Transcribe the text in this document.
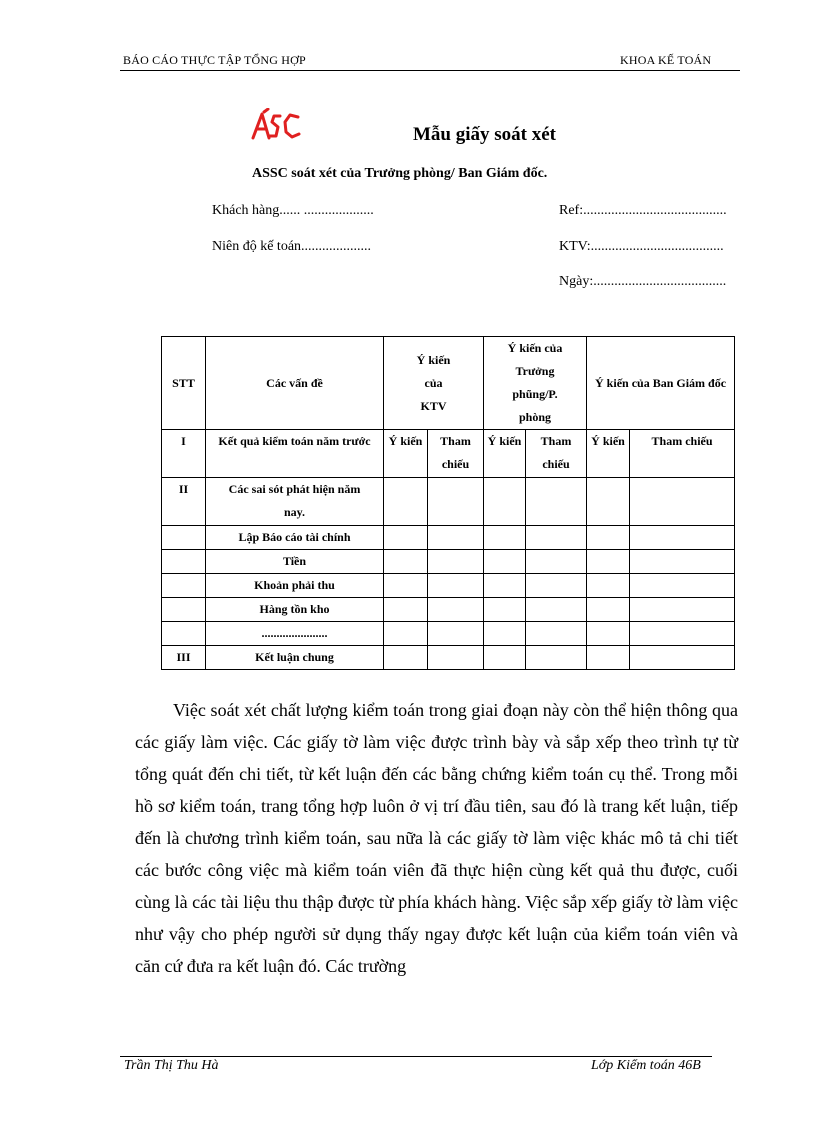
BÁO CÁO THỰC TẬP TỔNG HỢP	KHOA KẾ TOÁN
Mẫu giấy soát xét
ASSC soát xét của Trưởng phòng/ Ban Giám đốc.
Khách hàng...... ....................	Ref:.........................................
Niên độ kế toán....................	KTV:......................................
Ngày:......................................
STT	Các vấn đề	Ý kiến của KTV		Ý kiến của Trưởng phũng/P. phòng		Ý kiến của Ban Giám đốc	
I	Kết quả kiểm toán năm trước	Ý kiến	Tham chiếu	Ý kiến	Tham chiếu	Ý kiến	Tham chiếu
II	Các sai sót phát hiện năm nay.						
	Lập Báo cáo tài chính						
	Tiền						
	Khoản phải thu						
	Hàng tồn kho						
	......................						
III	Kết luận chung						

Việc soát xét chất lượng kiểm toán trong giai đoạn này còn thể hiện thông qua các giấy làm việc. Các giấy tờ làm việc được trình bày và sắp xếp theo trình tự từ tổng quát đến chi tiết, từ kết luận đến các bằng chứng kiểm toán cụ thể. Trong mỗi hồ sơ kiểm toán, trang tổng hợp luôn ở vị trí đầu tiên, sau đó là trang kết luận, tiếp đến là chương trình kiểm toán, sau nữa là các giấy tờ làm việc khác mô tả chi tiết các bước công việc mà kiểm toán viên đã thực hiện cùng kết quả thu được, cuối cùng là các tài liệu thu thập được từ phía khách hàng. Việc sắp xếp giấy tờ làm việc như vậy cho phép người sử dụng thấy ngay được kết luận của kiểm toán viên và căn cứ đưa ra kết luận đó. Các trường

Trần Thị Thu Hà	Lớp Kiểm toán 46B
